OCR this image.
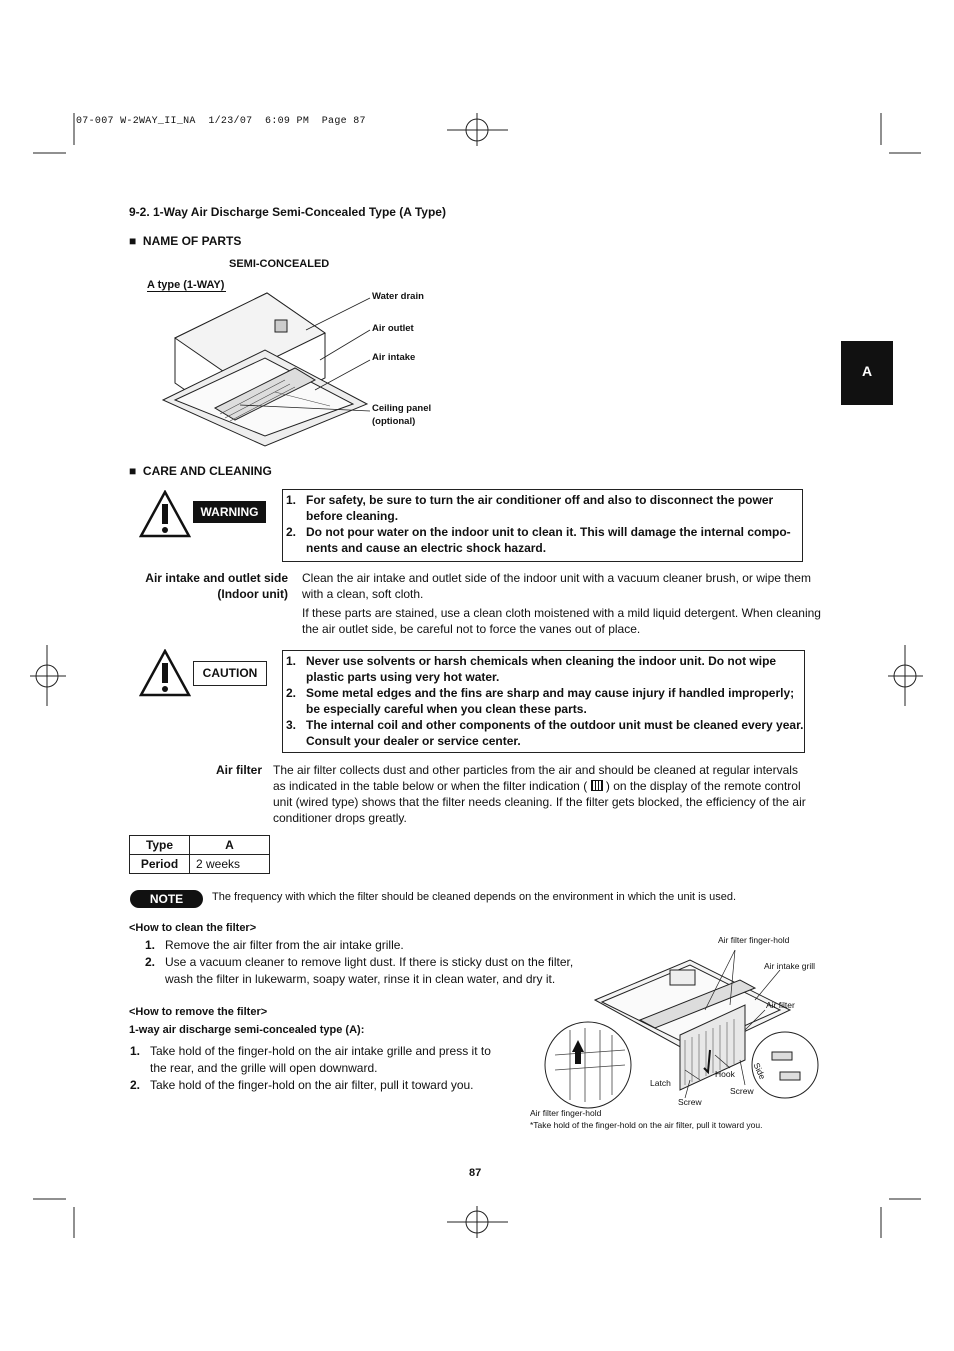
07-007 W-2WAY_II_NA  1/23/07  6:09 PM  Page 87
A
9-2. 1-Way Air Discharge Semi-Concealed Type (A Type)
■ NAME OF PARTS
SEMI-CONCEALED
A type (1-WAY)
Water drain
Air outlet
Air intake
Ceiling panel
(optional)
■ CARE AND CLEANING
WARNING
1. For safety, be sure to turn the air conditioner off and also to disconnect the power
before cleaning.
2. Do not pour water on the indoor unit to clean it. This will damage the internal compo-
nents and cause an electric shock hazard.
Air intake and outlet side
(Indoor unit)
Clean the air intake and outlet side of the indoor unit with a vacuum cleaner brush, or wipe them
with a clean, soft cloth.
If these parts are stained, use a clean cloth moistened with a mild liquid detergent. When cleaning
the air outlet side, be careful not to force the vanes out of place.
CAUTION
1. Never use solvents or harsh chemicals when cleaning the indoor unit. Do not wipe
plastic parts using very hot water.
2. Some metal edges and the fins are sharp and may cause injury if handled improperly;
be especially careful when you clean these parts.
3. The internal coil and other components of the outdoor unit must be cleaned every year.
Consult your dealer or service center.
Air filter The air filter collects dust and other particles from the air and should be cleaned at regular intervals
as indicated in the table below or when the filter indication ( ) on the display of the remote control
unit (wired type) shows that the filter needs cleaning. If the filter gets blocked, the efficiency of the air
conditioner drops greatly.
Type	A
Period	2 weeks
NOTE	The frequency with which the filter should be cleaned depends on the environment in which the unit is used.
<How to clean the filter>
1. Remove the air filter from the air intake grille.
2. Use a vacuum cleaner to remove light dust. If there is sticky dust on the filter,
wash the filter in lukewarm, soapy water, rinse it in clean water, and dry it.
<How to remove the filter>
1-way air discharge semi-concealed type (A):
1. Take hold of the finger-hold on the air intake grille and press it to
the rear, and the grille will open downward.
2. Take hold of the finger-hold on the air filter, pull it toward you.
Air filter finger-hold
Air intake grill
Air filter
Hook
Screw
Latch
Screw
Side
Air filter finger-hold
*Take hold of the finger-hold on the air filter, pull it toward you.
87
